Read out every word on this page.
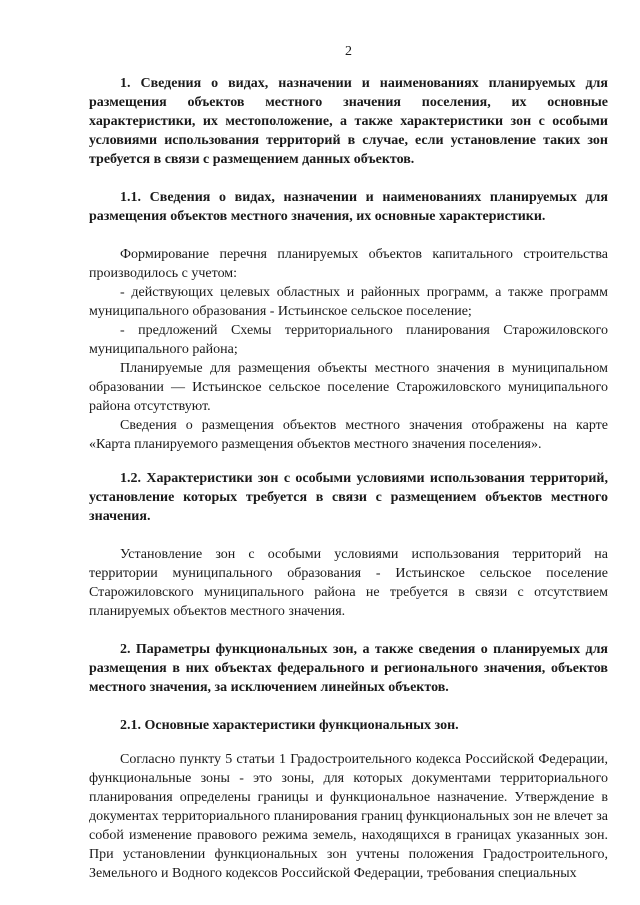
2

1. Сведения о видах, назначении и наименованиях планируемых для размещения объектов местного значения поселения, их основные характеристики, их местоположение, а также характеристики зон с особыми условиями использования территорий в случае, если установление таких зон требуется в связи с размещением данных объектов.

1.1. Сведения о видах, назначении и наименованиях планируемых для размещения объектов местного значения, их основные характеристики.

Формирование перечня планируемых объектов капитального строительства производилось с учетом:

- действующих целевых областных и районных программ, а также программ муниципального образования - Истьинское сельское поселение;

- предложений Схемы территориального планирования Старожиловского муниципального района;

Планируемые для размещения объекты местного значения в муниципальном образовании — Истьинское сельское поселение Старожиловского муниципального района отсутствуют.

Сведения о размещения объектов местного значения отображены на карте «Карта планируемого размещения объектов местного значения поселения».

1.2. Характеристики зон с особыми условиями использования территорий, установление которых требуется в связи с размещением объектов местного значения.

Установление зон с особыми условиями использования территорий на территории муниципального образования - Истьинское сельское поселение Старожиловского муниципального района не требуется в связи с отсутствием планируемых объектов местного значения.

2. Параметры функциональных зон, а также сведения о планируемых для размещения в них объектах федерального и регионального значения, объектов местного значения, за исключением линейных объектов.

2.1. Основные характеристики функциональных зон.

Согласно пункту 5 статьи 1 Градостроительного кодекса Российской Федерации, функциональные зоны - это зоны, для которых документами территориального планирования определены границы и функциональное назначение. Утверждение в документах территориального планирования границ функциональных зон не влечет за собой изменение правового режима земель, находящихся в границах указанных зон. При установлении функциональных зон учтены положения Градостроительного, Земельного и Водного кодексов Российской Федерации, требования специальных
